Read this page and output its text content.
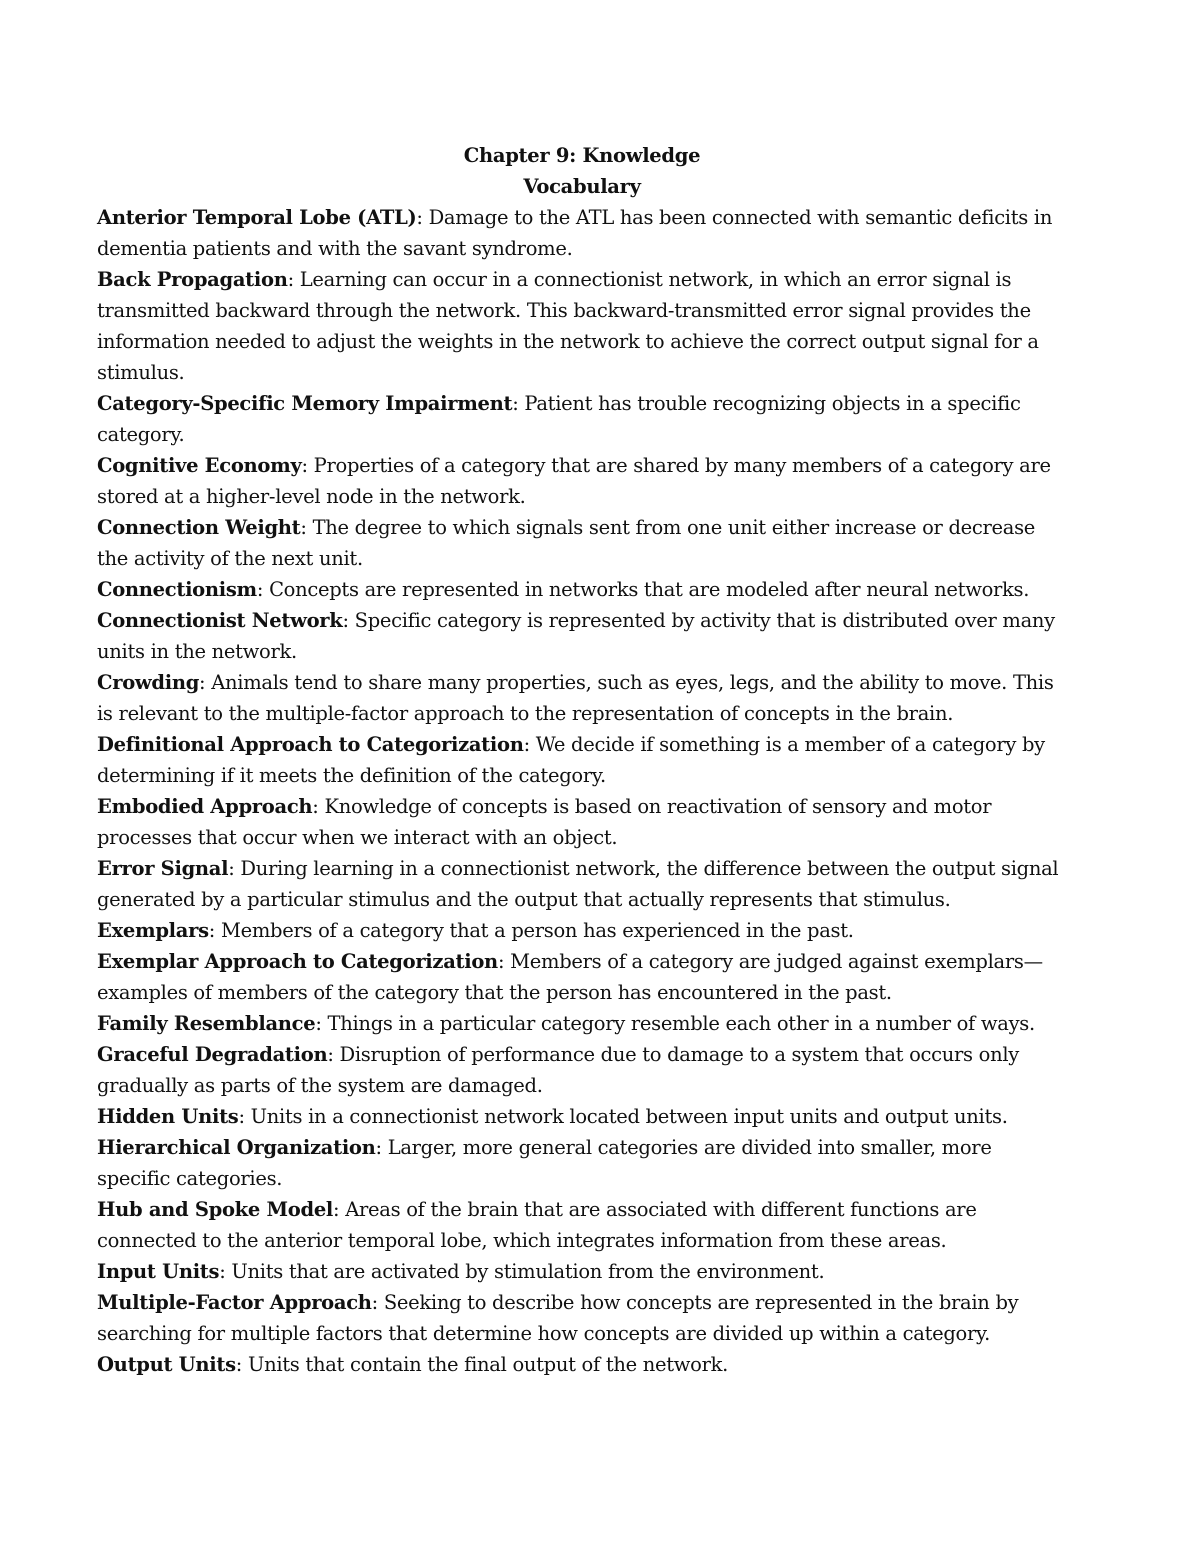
Chapter 9: Knowledge

Vocabulary

Anterior Temporal Lobe (ATL): Damage to the ATL has been connected with semantic deficits in dementia patients and with the savant syndrome.

Back Propagation: Learning can occur in a connectionist network, in which an error signal is transmitted backward through the network. This backward-transmitted error signal provides the information needed to adjust the weights in the network to achieve the correct output signal for a stimulus.

Category-Specific Memory Impairment: Patient has trouble recognizing objects in a specific category.

Cognitive Economy: Properties of a category that are shared by many members of a category are stored at a higher-level node in the network.

Connection Weight: The degree to which signals sent from one unit either increase or decrease the activity of the next unit.

Connectionism: Concepts are represented in networks that are modeled after neural networks.

Connectionist Network: Specific category is represented by activity that is distributed over many units in the network.

Crowding: Animals tend to share many properties, such as eyes, legs, and the ability to move. This is relevant to the multiple-factor approach to the representation of concepts in the brain.

Definitional Approach to Categorization: We decide if something is a member of a category by determining if it meets the definition of the category.

Embodied Approach: Knowledge of concepts is based on reactivation of sensory and motor processes that occur when we interact with an object.

Error Signal: During learning in a connectionist network, the difference between the output signal generated by a particular stimulus and the output that actually represents that stimulus.

Exemplars: Members of a category that a person has experienced in the past.

Exemplar Approach to Categorization: Members of a category are judged against exemplars—examples of members of the category that the person has encountered in the past.

Family Resemblance: Things in a particular category resemble each other in a number of ways.

Graceful Degradation: Disruption of performance due to damage to a system that occurs only gradually as parts of the system are damaged.

Hidden Units: Units in a connectionist network located between input units and output units.

Hierarchical Organization: Larger, more general categories are divided into smaller, more specific categories.

Hub and Spoke Model: Areas of the brain that are associated with different functions are connected to the anterior temporal lobe, which integrates information from these areas.

Input Units: Units that are activated by stimulation from the environment.

Multiple-Factor Approach: Seeking to describe how concepts are represented in the brain by searching for multiple factors that determine how concepts are divided up within a category.

Output Units: Units that contain the final output of the network.
